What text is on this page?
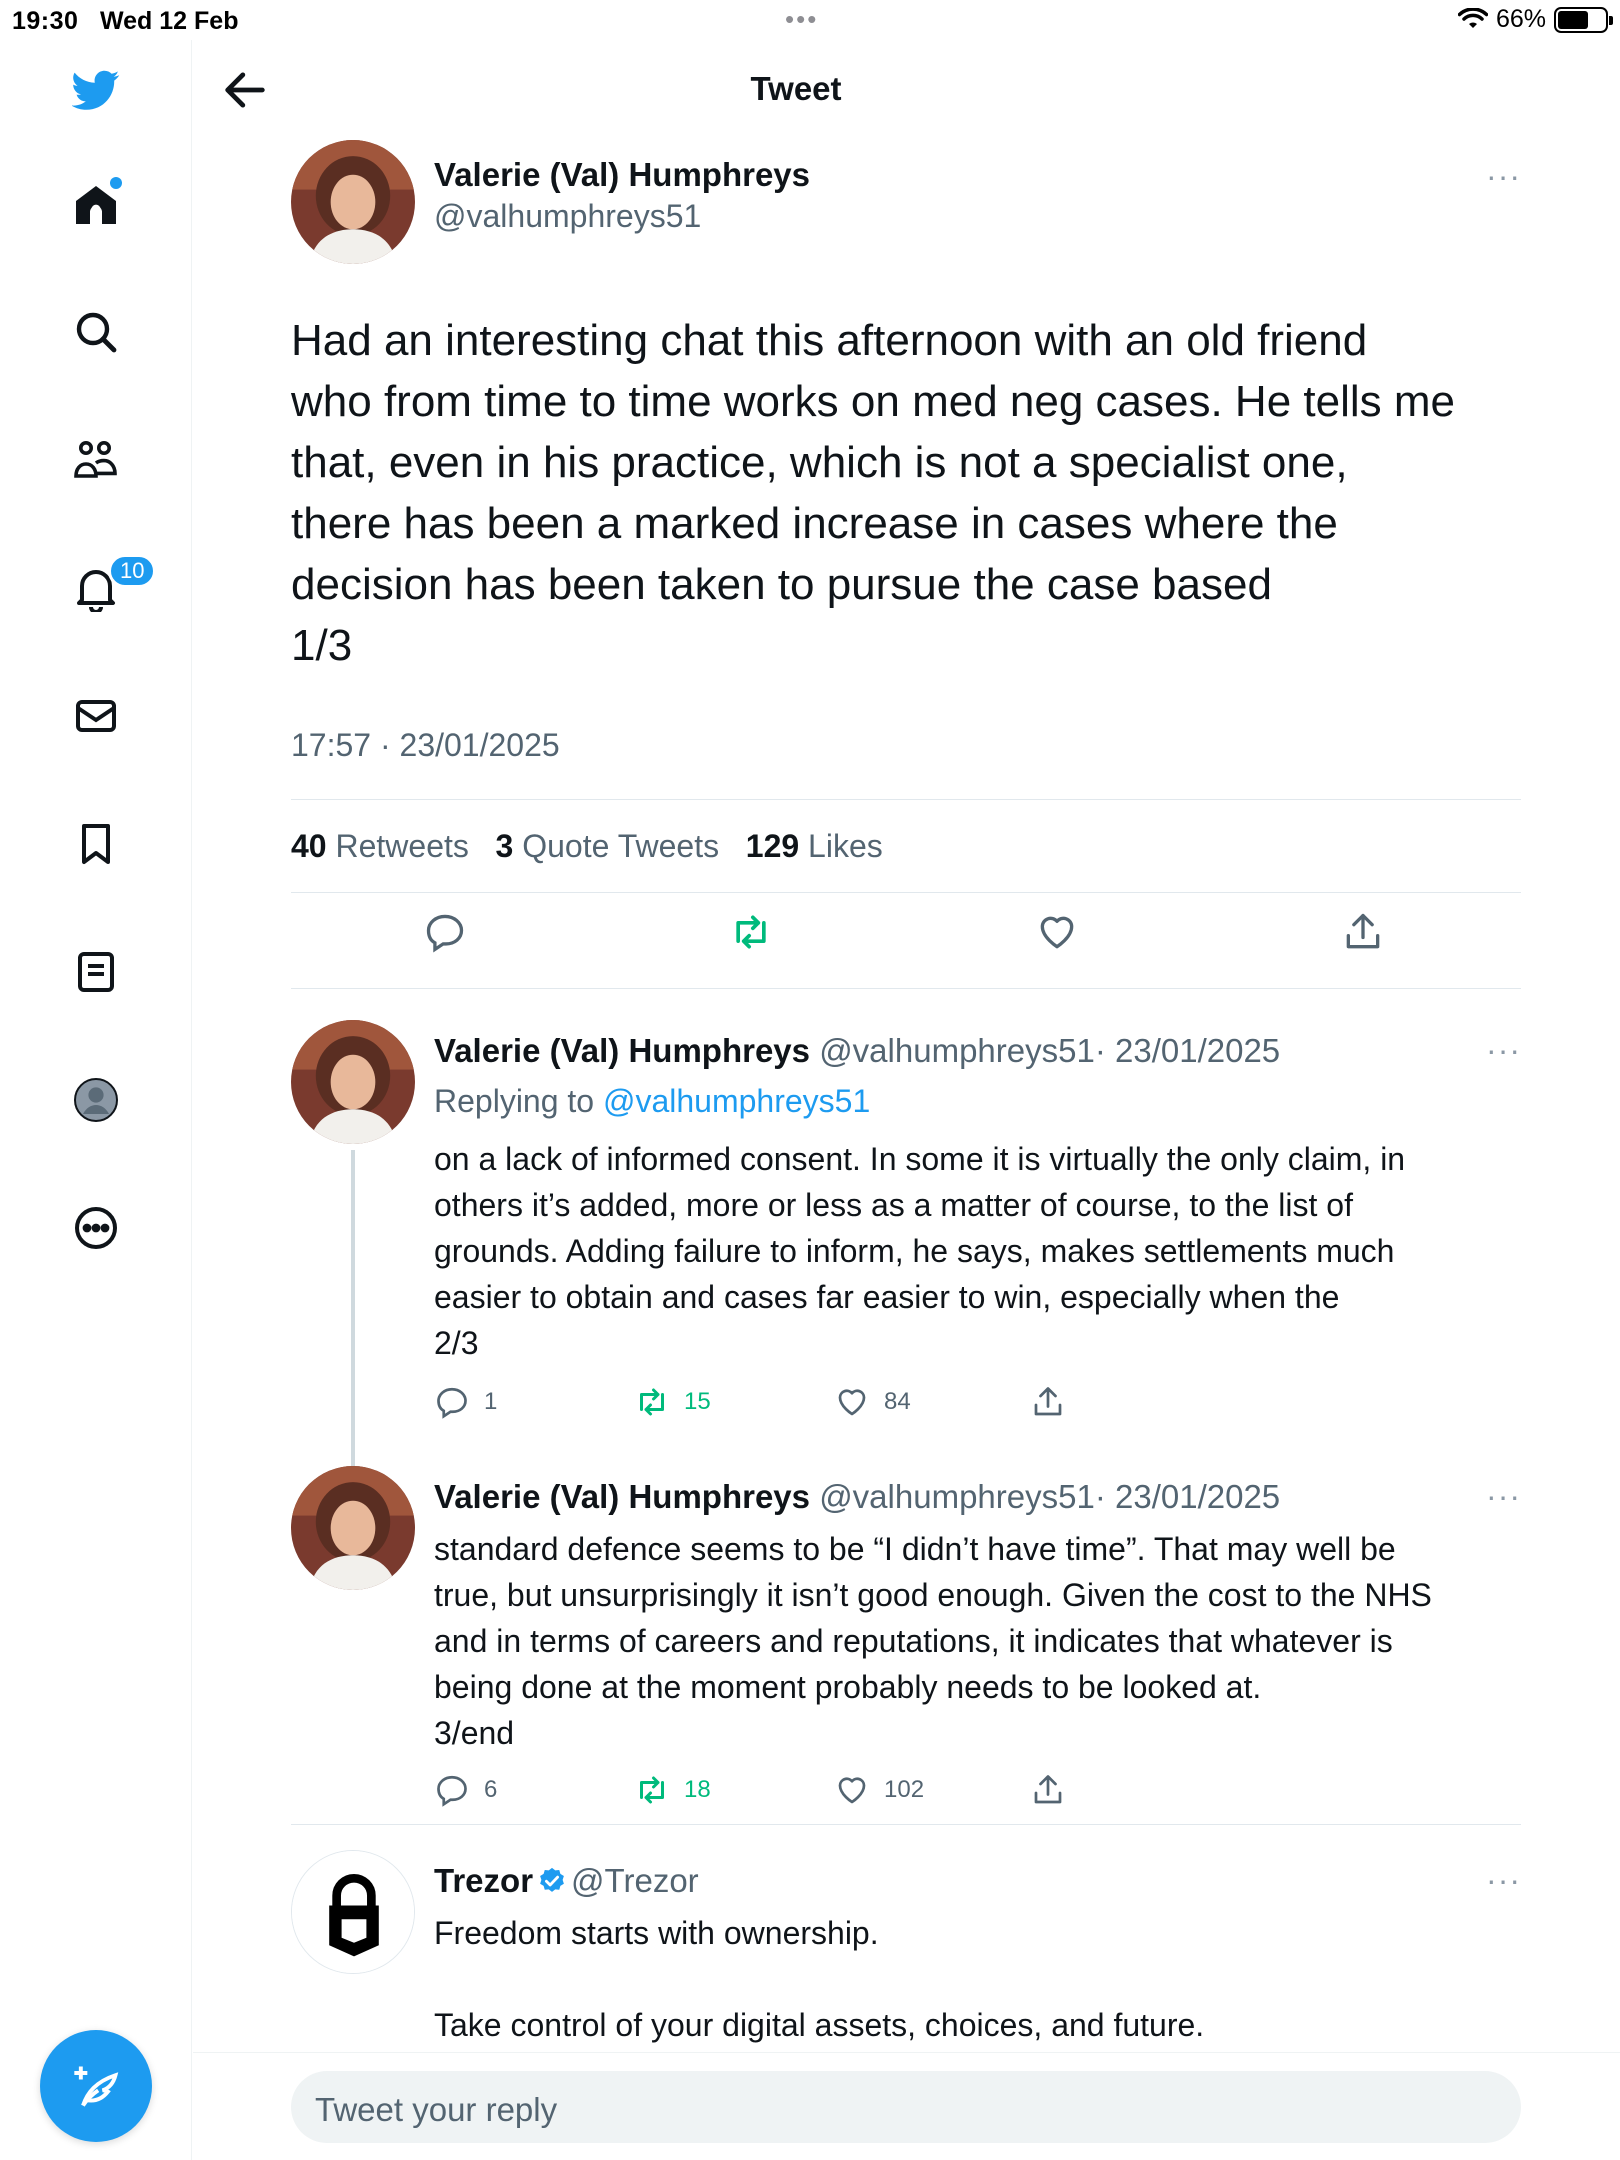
19:30 Wed 12 Feb	•••	66%
10
Tweet
Valerie (Val) Humphreys
@valhumphreys51
···
Had an interesting chat this afternoon with an old friend
who from time to time works on med neg cases. He tells me
that, even in his practice, which is not a specialist one,
there has been a marked increase in cases where the
decision has been taken to pursue the case based
1/3
17:57 · 23/01/2025
40 Retweets 3 Quote Tweets 129 Likes
Valerie (Val) Humphreys @valhumphreys51· 23/01/2025	···
Replying to @valhumphreys51
on a lack of informed consent. In some it is virtually the only claim, in
others it’s added, more or less as a matter of course, to the list of
grounds. Adding failure to inform, he says, makes settlements much
easier to obtain and cases far easier to win, especially when the
2/3
1	15	84
Valerie (Val) Humphreys @valhumphreys51· 23/01/2025	···
standard defence seems to be “I didn’t have time”. That may well be
true, but unsurprisingly it isn’t good enough. Given the cost to the NHS
and in terms of careers and reputations, it indicates that whatever is
being done at the moment probably needs to be looked at.
3/end
6	18	102
Trezor @Trezor	···
Freedom starts with ownership.

Take control of your digital assets, choices, and future.
Tweet your reply
